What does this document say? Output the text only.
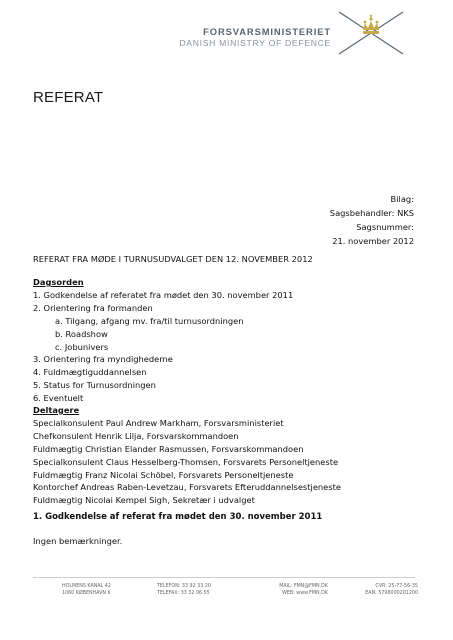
FORSVARSMINISTERIET
DANISH MINISTRY OF DEFENCE
REFERAT
Bilag:
Sagsbehandler: NKS
Sagsnummer:
21. november 2012
REFERAT FRA MØDE I TURNUSUDVALGET DEN 12. NOVEMBER 2012
Dagsorden
1. Godkendelse af referatet fra mødet den 30. november 2011
2. Orientering fra formanden
a. Tilgang, afgang mv. fra/til turnusordningen
b. Roadshow
c. Jobunivers
3. Orientering fra myndighederne
4. Fuldmægtiguddannelsen
5. Status for Turnusordningen
6. Eventuelt
Deltagere
Specialkonsulent Paul Andrew Markham, Forsvarsministeriet
Chefkonsulent Henrik Lilja, Forsvarskommandoen
Fuldmægtig Christian Elander Rasmussen, Forsvarskommandoen
Specialkonsulent Claus Hesselberg-Thomsen, Forsvarets Personeltjeneste
Fuldmægtig Franz Nicolai Schöbel, Forsvarets Personeltjeneste
Kontorchef Andreas Raben-Levetzau, Forsvarets Efteruddannelsestjeneste
Fuldmægtig Nicolai Kempel Sigh, Sekretær i udvalget
1. Godkendelse af referat fra mødet den 30. november 2011
Ingen bemærkninger.
HOLMENS KANAL 42
1060 KØBENHAVN K
TELEFON: 33 92 33 20
TELEFAX: 33 32 06 55
MAIL: FMN@FMN.DK
WEB: www.FMN.DK
CVR: 25-77-56-35
EAN: 5798000201200
